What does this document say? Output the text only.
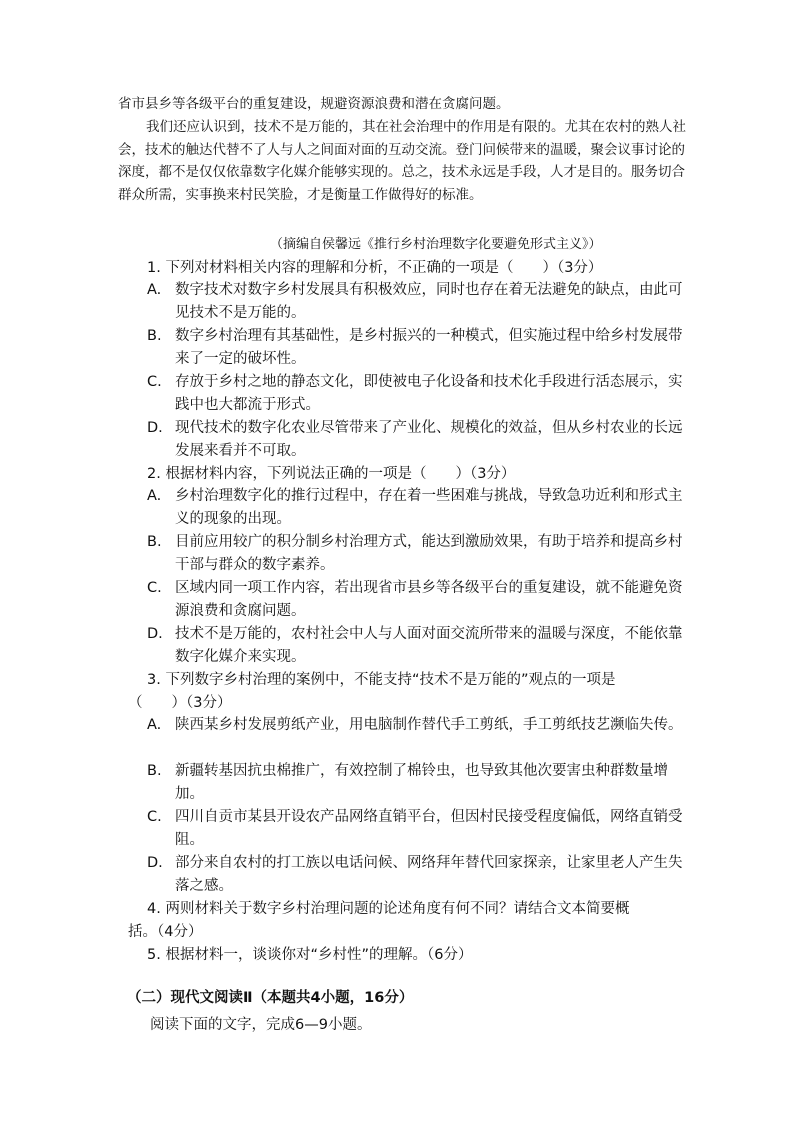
省市县乡等各级平台的重复建设，规避资源浪费和潜在贪腐问题。

我们还应认识到，技术不是万能的，其在社会治理中的作用是有限的。尤其在农村的熟人社会，技术的触达代替不了人与人之间面对面的互动交流。登门问候带来的温暖，聚会议事讨论的深度，都不是仅仅依靠数字化媒介能够实现的。总之，技术永远是手段，人才是目的。服务切合群众所需，实事换来村民笑脸，才是衡量工作做得好的标准。

（摘编自侯馨远《推行乡村治理数字化要避免形式主义》）
1. 下列对材料相关内容的理解和分析，不正确的一项是（　　）（3分）
A. 数字技术对数字乡村发展具有积极效应，同时也存在着无法避免的缺点，由此可见技术不是万能的。
B. 数字乡村治理有其基础性，是乡村振兴的一种模式，但实施过程中给乡村发展带来了一定的破坏性。
C. 存放于乡村之地的静态文化，即使被电子化设备和技术化手段进行活态展示，实践中也大都流于形式。
D. 现代技术的数字化农业尽管带来了产业化、规模化的效益，但从乡村农业的长远发展来看并不可取。
2. 根据材料内容，下列说法正确的一项是（　　）（3分）
A. 乡村治理数字化的推行过程中，存在着一些困难与挑战，导致急功近利和形式主义的现象的出现。
B. 目前应用较广的积分制乡村治理方式，能达到激励效果，有助于培养和提高乡村干部与群众的数字素养。
C. 区域内同一项工作内容，若出现省市县乡等各级平台的重复建设，就不能避免资源浪费和贪腐问题。
D. 技术不是万能的，农村社会中人与人面对面交流所带来的温暖与深度，不能依靠数字化媒介来实现。
3. 下列数字乡村治理的案例中，不能支持“技术不是万能的”观点的一项是
（　　）（3分）
A. 陕西某乡村发展剪纸产业，用电脑制作替代手工剪纸，手工剪纸技艺濒临失传。
B. 新疆转基因抗虫棉推广，有效控制了棉铃虫，也导致其他次要害虫种群数量增加。
C. 四川自贡市某县开设农产品网络直销平台，但因村民接受程度偏低，网络直销受阻。
D. 部分来自农村的打工族以电话问候、网络拜年替代回家探亲，让家里老人产生失落之感。
4. 两则材料关于数字乡村治理问题的论述角度有何不同？请结合文本简要概
括。（4分）
5. 根据材料一，谈谈你对“乡村性”的理解。（6分）
（二）现代文阅读Ⅱ（本题共4小题，16分）
阅读下面的文字，完成6—9小题。
